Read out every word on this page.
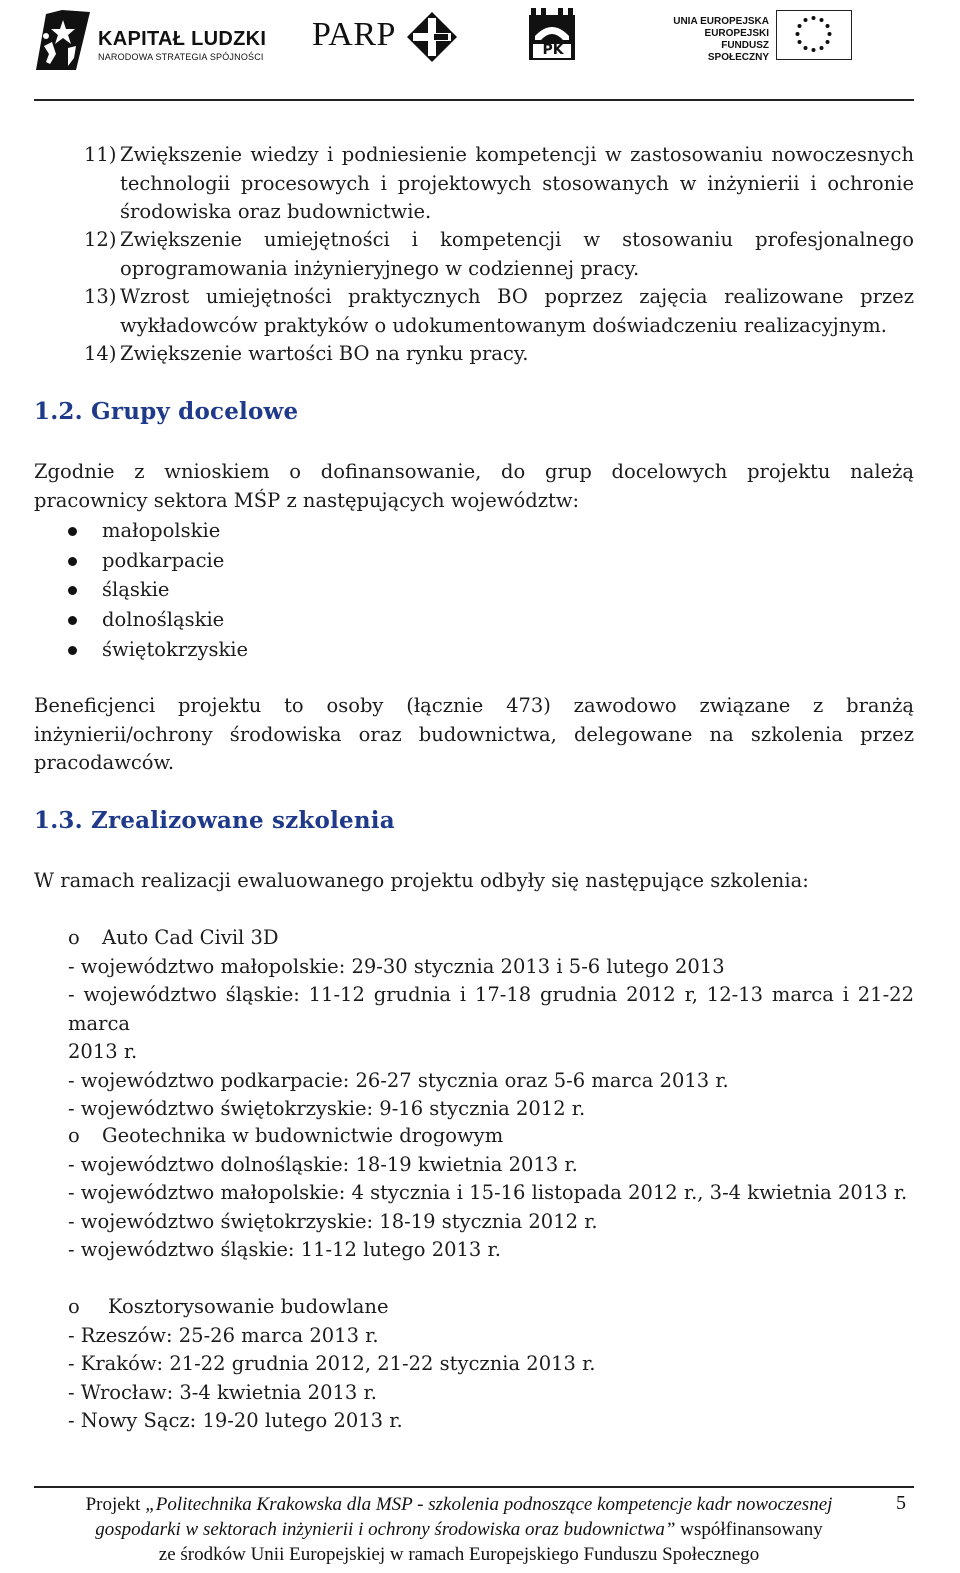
KAPITAŁ LUDZKI
NARODOWA STRATEGIA SPÓJNOŚCI
PARP	PK
UNIA EUROPEJSKA
EUROPEJSKI
FUNDUSZ SPOŁECZNY
11) Zwiększenie wiedzy i podniesienie kompetencji w zastosowaniu nowoczesnych
technologii procesowych i projektowych stosowanych w inżynierii i ochronie
środowiska oraz budownictwie.
12) Zwiększenie umiejętności i kompetencji w stosowaniu profesjonalnego
oprogramowania inżynieryjnego w codziennej pracy.
13) Wzrost umiejętności praktycznych BO poprzez zajęcia realizowane przez
wykładowców praktyków o udokumentowanym doświadczeniu realizacyjnym.
14) Zwiększenie wartości BO na rynku pracy.
1.2. Grupy docelowe
Zgodnie z wnioskiem o dofinansowanie, do grup docelowych projektu należą
pracownicy sektora MŚP z następujących województw:
małopolskie
podkarpacie
śląskie
dolnośląskie
świętokrzyskie
Beneficjenci projektu to osoby (łącznie 473) zawodowo związane z branżą
inżynierii/ochrony środowiska oraz budownictwa, delegowane na szkolenia przez
pracodawców.
1.3. Zrealizowane szkolenia
W ramach realizacji ewaluowanego projektu odbyły się następujące szkolenia:
o Auto Cad Civil 3D
- województwo małopolskie: 29-30 stycznia 2013 i 5-6 lutego 2013
- województwo śląskie: 11-12 grudnia i 17-18 grudnia 2012 r, 12-13 marca i 21-22 marca
2013 r.
- województwo podkarpacie: 26-27 stycznia oraz 5-6 marca 2013 r.
- województwo świętokrzyskie: 9-16 stycznia 2012 r.
o Geotechnika w budownictwie drogowym
- województwo dolnośląskie: 18-19 kwietnia 2013 r.
- województwo małopolskie: 4 stycznia i 15-16 listopada 2012 r., 3-4 kwietnia 2013 r.
- województwo świętokrzyskie: 18-19 stycznia 2012 r.
- województwo śląskie: 11-12 lutego 2013 r.
o Kosztorysowanie budowlane
- Rzeszów: 25-26 marca 2013 r.
- Kraków: 21-22 grudnia 2012, 21-22 stycznia 2013 r.
- Wrocław: 3-4 kwietnia 2013 r.
- Nowy Sącz: 19-20 lutego 2013 r.
Projekt „Politechnika Krakowska dla MSP - szkolenia podnoszące kompetencje kadr nowoczesnej
gospodarki w sektorach inżynierii i ochrony środowiska oraz budownictwa” współfinansowany
ze środków Unii Europejskiej w ramach Europejskiego Funduszu Społecznego
5
